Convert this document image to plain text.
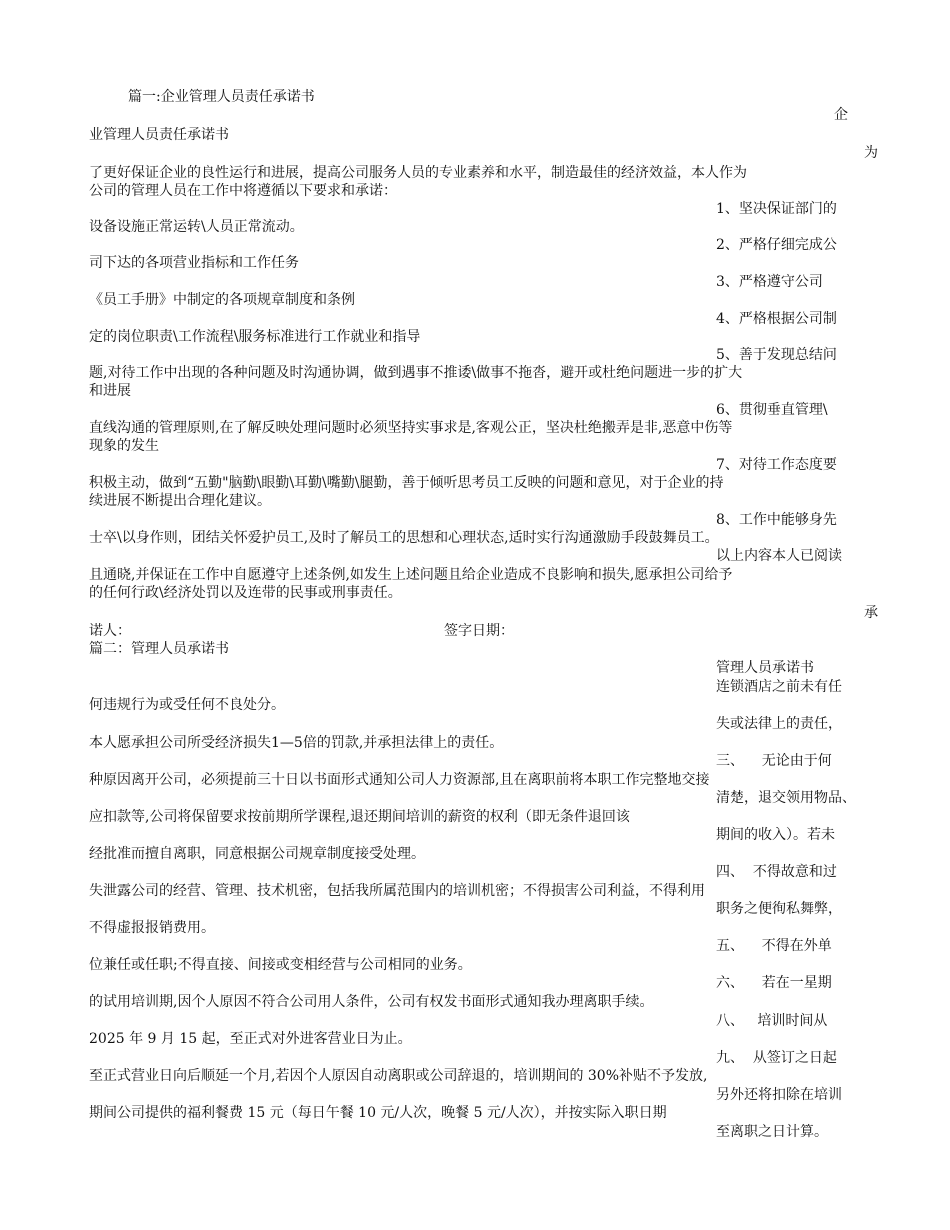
篇一:企业管理人员责任承诺书
企
业管理人员责任承诺书
为
了更好保证企业的良性运行和进展，提高公司服务人员的专业素养和水平，制造最佳的经济效益，本人作为
公司的管理人员在工作中将遵循以下要求和承诺：
1、坚决保证部门的
设备设施正常运转\人员正常流动。
2、严格仔细完成公
司下达的各项营业指标和工作任务
3、严格遵守公司
《员工手册》中制定的各项规章制度和条例
4、严格根据公司制
定的岗位职责\工作流程\服务标准进行工作就业和指导
5、善于发现总结问
题,对待工作中出现的各种问题及时沟通协调，做到遇事不推诿\做事不拖沓，避开或杜绝问题进一步的扩大
和进展
6、贯彻垂直管理\
直线沟通的管理原则,在了解反映处理问题时必须坚持实事求是,客观公正，坚决杜绝搬弄是非,恶意中伤等
现象的发生
7、对待工作态度要
积极主动，做到“五勤"脑勤\眼勤\耳勤\嘴勤\腿勤，善于倾听思考员工反映的问题和意见，对于企业的持
续进展不断提出合理化建议。
8、工作中能够身先
士卒\以身作则，团结关怀爱护员工,及时了解员工的思想和心理状态,适时实行沟通激励手段鼓舞员工。
以上内容本人已阅读
且通晓,并保证在工作中自愿遵守上述条例,如发生上述问题且给企业造成不良影响和损失,愿承担公司给予
的任何行政\经济处罚以及连带的民事或刑事责任。
承
诺人：	签字日期：
篇二：管理人员承诺书
管理人员承诺书
连锁酒店之前未有任
何违规行为或受任何不良处分。
失或法律上的责任，
本人愿承担公司所受经济损失1—5倍的罚款,并承担法律上的责任。
三、    无论由于何
种原因离开公司，必须提前三十日以书面形式通知公司人力资源部,且在离职前将本职工作完整地交接
清楚，退交领用物品、
应扣款等,公司将保留要求按前期所学课程,退还期间培训的薪资的权利（即无条件退回该
期间的收入）。若未
经批准而擅自离职，同意根据公司规章制度接受处理。
四、  不得故意和过
失泄露公司的经营、管理、技术机密，包括我所属范围内的培训机密；不得损害公司利益，不得利用
职务之便徇私舞弊，
不得虚报报销费用。
五、    不得在外单
位兼任或任职;不得直接、间接或变相经营与公司相同的业务。
六、    若在一星期
的试用培训期,因个人原因不符合公司用人条件，公司有权发书面形式通知我办理离职手续。
八、   培训时间从
2025 年 9 月 15 起，至正式对外进客营业日为止。
九、  从签订之日起
至正式营业日向后顺延一个月,若因个人原因自动离职或公司辞退的，培训期间的 30%补贴不予发放,
另外还将扣除在培训
期间公司提供的福利餐费 15 元（每日午餐 10 元/人次，晚餐 5 元/人次），并按实际入职日期
至离职之日计算。
